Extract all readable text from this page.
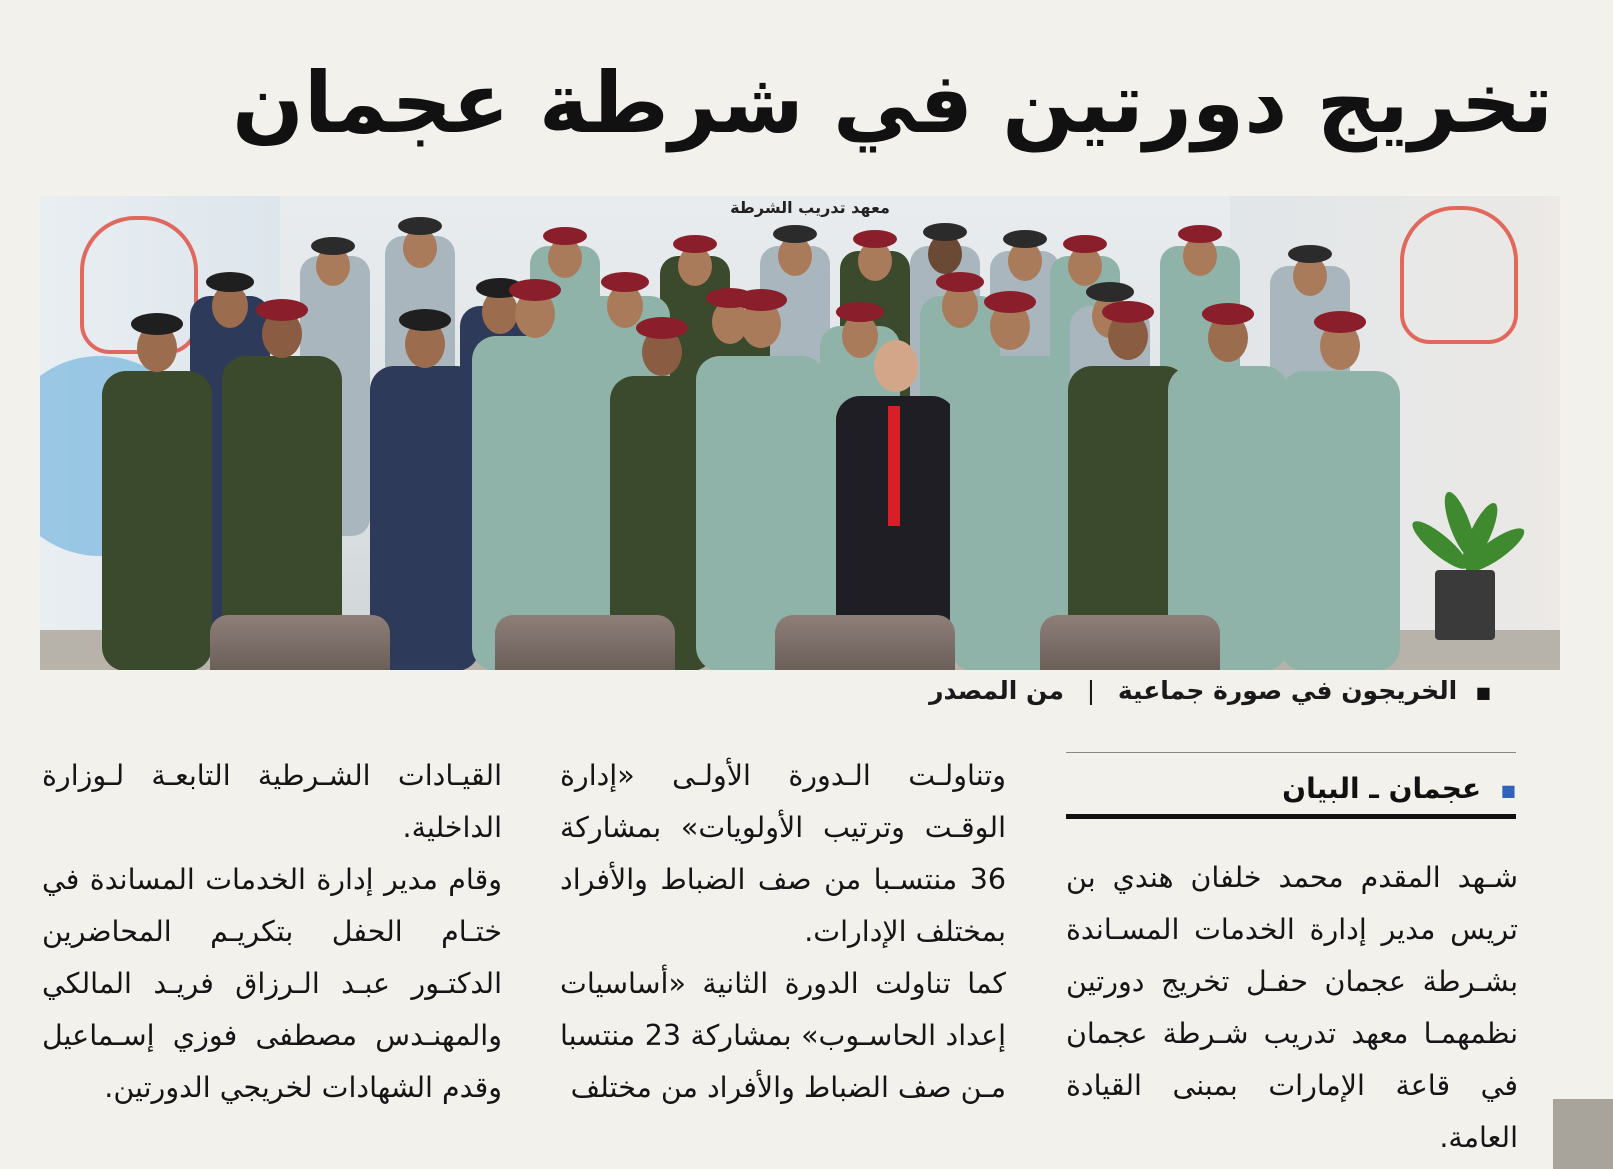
تخريج دورتين في شرطة عجمان
معهد تدريب الشرطة
■ الخريجون في صورة جماعية | من المصدر
■ عجمان ـ البيان

شـهد المقدم محمد خلفان هندي بن تريس مدير إدارة الخدمات المسـاندة بشـرطة عجمان حفـل تخريج دورتين نظمهمـا معهد تدريب شـرطة عجمان في قاعة الإمارات بمبنى القيادة العامة.

وتناولـت الـدورة الأولـى «إدارة الوقـت وترتيب الأولويات» بمشاركة 36 منتسـبا من صف الضباط والأفراد بمختلف الإدارات.

كما تناولت الدورة الثانية «أساسيات إعداد الحاسـوب» بمشاركة 23 منتسبا مـن صف الضباط والأفراد من مختلف

القيـادات الشـرطية التابعـة لـوزارة الداخلية.

وقام مدير إدارة الخدمات المساندة في ختـام الحفل بتكريـم المحاضرين الدكتـور عبـد الـرزاق فريـد المالكي والمهنـدس مصطفى فوزي إسـماعيل وقدم الشهادات لخريجي الدورتين.
